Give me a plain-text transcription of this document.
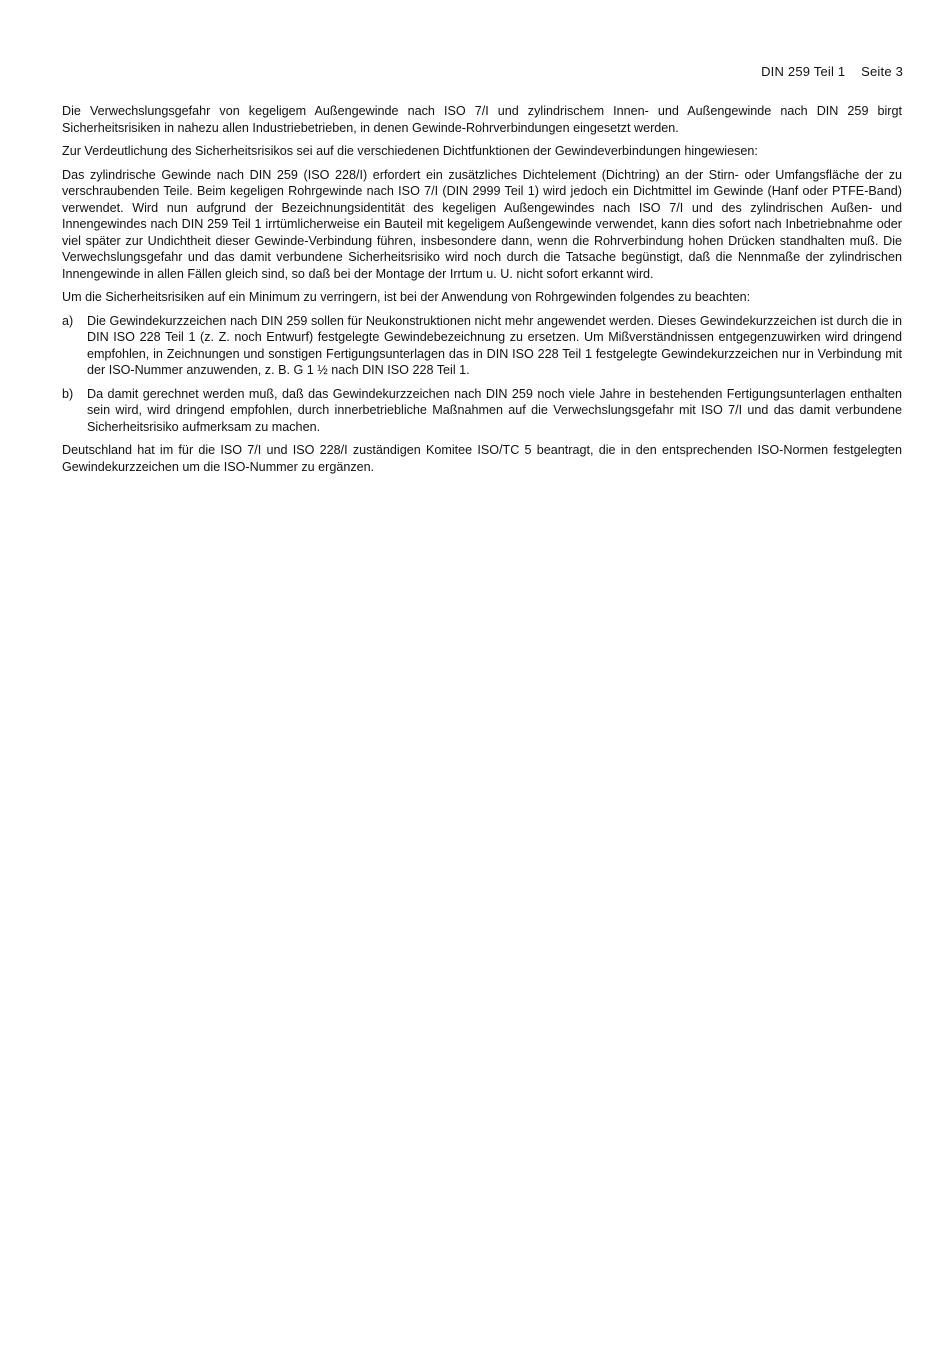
DIN 259 Teil 1 Seite 3

Die Verwechslungsgefahr von kegeligem Außengewinde nach ISO 7/I und zylindrischem Innen- und Außengewinde nach DIN 259 birgt Sicherheitsrisiken in nahezu allen Industriebetrieben, in denen Gewinde-Rohrverbindungen eingesetzt werden.

Zur Verdeutlichung des Sicherheitsrisikos sei auf die verschiedenen Dichtfunktionen der Gewindeverbindungen hingewiesen:

Das zylindrische Gewinde nach DIN 259 (ISO 228/I) erfordert ein zusätzliches Dichtelement (Dichtring) an der Stirn- oder Umfangsfläche der zu verschraubenden Teile. Beim kegeligen Rohrgewinde nach ISO 7/I (DIN 2999 Teil 1) wird jedoch ein Dichtmittel im Gewinde (Hanf oder PTFE-Band) verwendet. Wird nun aufgrund der Bezeichnungsidentität des kegeligen Außengewindes nach ISO 7/I und des zylindrischen Außen- und Innengewindes nach DIN 259 Teil 1 irrtümlicherweise ein Bauteil mit kegeligem Außengewinde verwendet, kann dies sofort nach Inbetriebnahme oder viel später zur Undichtheit dieser Gewinde-Verbindung führen, insbesondere dann, wenn die Rohrverbindung hohen Drücken standhalten muß. Die Verwechslungsgefahr und das damit verbundene Sicherheitsrisiko wird noch durch die Tatsache begünstigt, daß die Nennmaße der zylindrischen Innengewinde in allen Fällen gleich sind, so daß bei der Montage der Irrtum u. U. nicht sofort erkannt wird.

Um die Sicherheitsrisiken auf ein Minimum zu verringern, ist bei der Anwendung von Rohrgewinden folgendes zu beachten:

a) Die Gewindekurzzeichen nach DIN 259 sollen für Neukonstruktionen nicht mehr angewendet werden. Dieses Gewindekurzzeichen ist durch die in DIN ISO 228 Teil 1 (z. Z. noch Entwurf) festgelegte Gewindebezeichnung zu ersetzen. Um Mißverständnissen entgegenzuwirken wird dringend empfohlen, in Zeichnungen und sonstigen Fertigungsunterlagen das in DIN ISO 228 Teil 1 festgelegte Gewindekurzzeichen nur in Verbindung mit der ISO-Nummer anzuwenden, z. B. G 1 ½ nach DIN ISO 228 Teil 1.
b) Da damit gerechnet werden muß, daß das Gewindekurzzeichen nach DIN 259 noch viele Jahre in bestehenden Fertigungsunterlagen enthalten sein wird, wird dringend empfohlen, durch innerbetriebliche Maßnahmen auf die Verwechslungsgefahr mit ISO 7/I und das damit verbundene Sicherheitsrisiko aufmerksam zu machen.

Deutschland hat im für die ISO 7/I und ISO 228/I zuständigen Komitee ISO/TC 5 beantragt, die in den entsprechenden ISO-Normen festgelegten Gewindekurzzeichen um die ISO-Nummer zu ergänzen.
